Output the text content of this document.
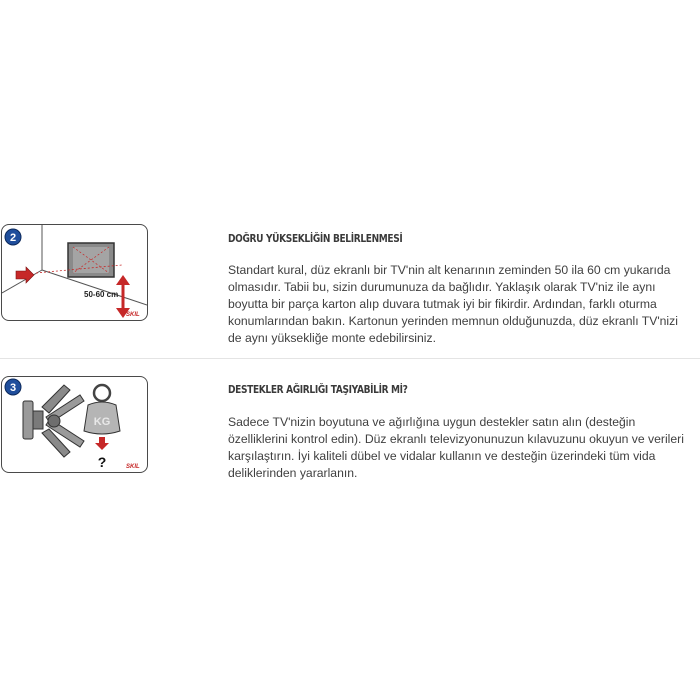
2
50-60 cm
SKIL
DOĞRU YÜKSEKLİĞİN BELİRLENMESİ
Standart kural, düz ekranlı bir TV'nin alt kenarının zeminden 50 ila 60 cm yukarıda olmasıdır. Tabii bu, sizin durumunuza da bağlıdır. Yaklaşık olarak TV'niz ile aynı boyutta bir parça karton alıp duvara tutmak iyi bir fikirdir. Ardından, farklı oturma konumlarından bakın. Kartonun yerinden memnun olduğunuzda, düz ekranlı TV'nizi de aynı yüksekliğe monte edebilirsiniz.
KG
?
3
SKIL
DESTEKLER AĞIRLIĞI TAŞIYABİLİR Mİ?
Sadece TV'nizin boyutuna ve ağırlığına uygun destekler satın alın (desteğin özelliklerini kontrol edin). Düz ekranlı televizyonunuzun kılavuzunu okuyun ve verileri karşılaştırın. İyi kaliteli dübel ve vidalar kullanın ve desteğin üzerindeki tüm vida deliklerinden yararlanın.
